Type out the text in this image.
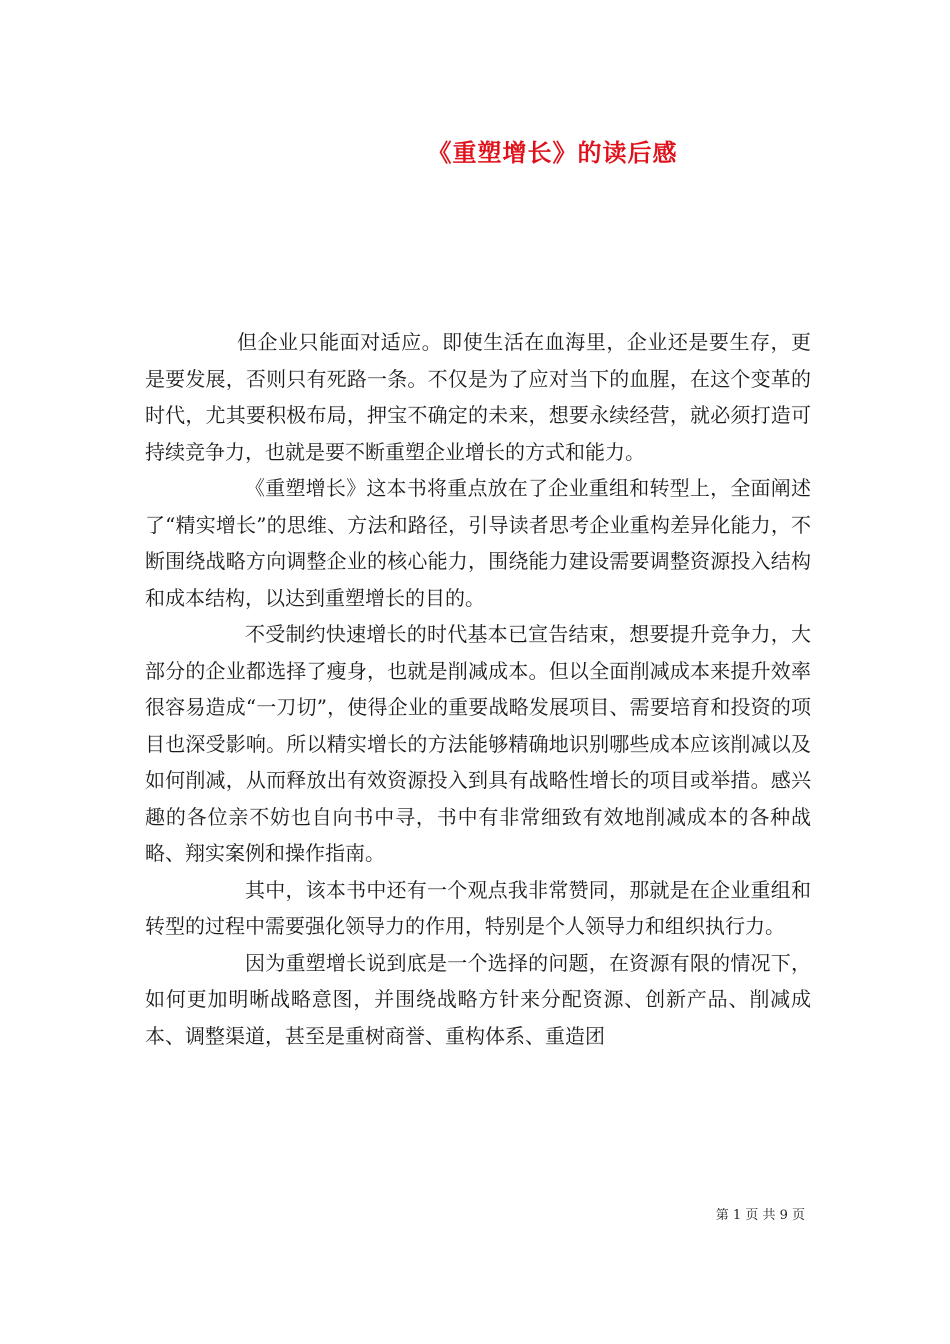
《重塑增长》的读后感

但企业只能面对适应。即使生活在血海里，企业还是要生存，更是要发展，否则只有死路一条。不仅是为了应对当下的血腥，在这个变革的时代，尤其要积极布局，押宝不确定的未来，想要永续经营，就必须打造可持续竞争力，也就是要不断重塑企业增长的方式和能力。

《重塑增长》这本书将重点放在了企业重组和转型上，全面阐述了“精实增长”的思维、方法和路径，引导读者思考企业重构差异化能力，不断围绕战略方向调整企业的核心能力，围绕能力建设需要调整资源投入结构和成本结构，以达到重塑增长的目的。

不受制约快速增长的时代基本已宣告结束，想要提升竞争力，大部分的企业都选择了瘦身，也就是削减成本。但以全面削减成本来提升效率很容易造成“一刀切”，使得企业的重要战略发展项目、需要培育和投资的项目也深受影响。所以精实增长的方法能够精确地识别哪些成本应该削减以及如何削减，从而释放出有效资源投入到具有战略性增长的项目或举措。感兴趣的各位亲不妨也自向书中寻，书中有非常细致有效地削减成本的各种战略、翔实案例和操作指南。

其中，该本书中还有一个观点我非常赞同，那就是在企业重组和转型的过程中需要强化领导力的作用，特别是个人领导力和组织执行力。

因为重塑增长说到底是一个选择的问题，在资源有限的情况下，如何更加明晰战略意图，并围绕战略方针来分配资源、创新产品、削减成本、调整渠道，甚至是重树商誉、重构体系、重造团

第 1 页 共 9 页
